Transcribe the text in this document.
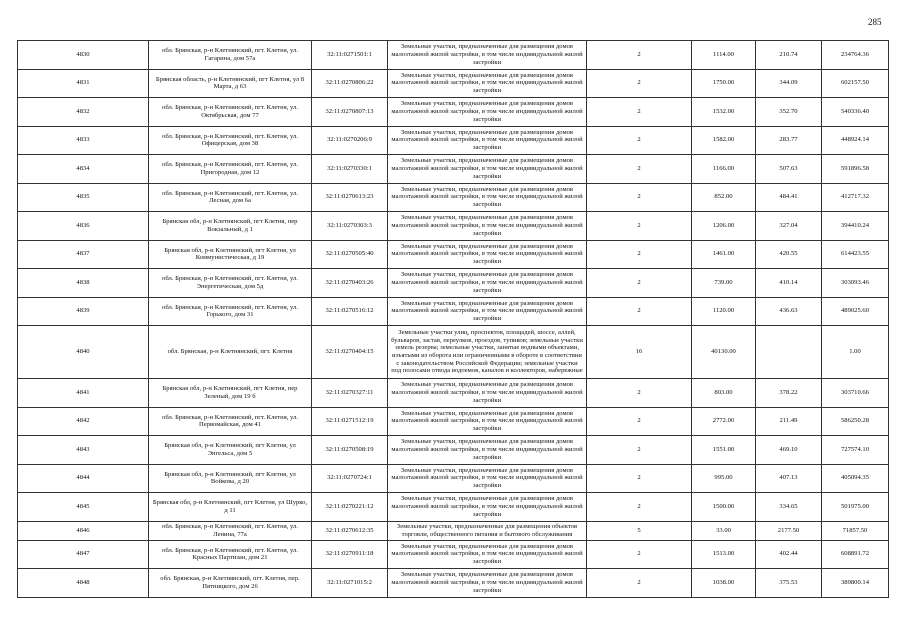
285
4830	обл. Брянская, р-н Клетнянский, пгт. Клетня, ул. Гагарина, дом 57а	32:11:0271501:1	Земельные участки, предназначенные для размещения домов малоэтажной жилой застройки, в том числе индивидуальной жилой застройки	2	1114.00	210.74	234764.36
4831	Брянская область, р-н Клетнянский, пгт Клетня, ул 8 Марта, д 63	32:11:0270806:22	Земельные участки, предназначенные для размещения домов малоэтажной жилой застройки, в том числе индивидуальной жилой застройки	2	1750.00	344.09	602157.50
4832	обл. Брянская, р-н Клетнянский, пгт. Клетня, ул. Октябрьская, дом 77	32:11:0270807:13	Земельные участки, предназначенные для размещения домов малоэтажной жилой застройки, в том числе индивидуальной жилой застройки	2	1532.00	352.70	540336.40
4833	обл. Брянская, р-н Клетнянский, пгт. Клетня, ул. Офицерская, дом 38	32:11:0270206:9	Земельные участки, предназначенные для размещения домов малоэтажной жилой застройки, в том числе индивидуальной жилой застройки	2	1582.00	283.77	448924.14
4834	обл. Брянская, р-н Клетнянский, пгт. Клетня, ул. Пригородная, дом 12	32:11:0270330:1	Земельные участки, предназначенные для размещения домов малоэтажной жилой застройки, в том числе индивидуальной жилой застройки	2	1166.00	507.63	591896.58
4835	обл. Брянская, р-н Клетнянский, пгт. Клетня, ул. Лесная, дом 6а	32:11:0270613:23	Земельные участки, предназначенные для размещения домов малоэтажной жилой застройки, в том числе индивидуальной жилой застройки	2	852.00	484.41	412717.32
4836	Брянская обл, р-н Клетнянский, пгт Клетня, пер Вокзальный, д 1	32:11:0270303:3	Земельные участки, предназначенные для размещения домов малоэтажной жилой застройки, в том числе индивидуальной жилой застройки	2	1206.00	327.04	394410.24
4837	Брянская обл, р-н Клетнянский, пгт Клетня, ул Коммунистическая, д 19	32:11:0270505:40	Земельные участки, предназначенные для размещения домов малоэтажной жилой застройки, в том числе индивидуальной жилой застройки	2	1461.00	420.55	614423.55
4838	обл. Брянская, р-н Клетнянский, пгт. Клетня, ул. Энергетическая, дом 5д	32:11:0270403:26	Земельные участки, предназначенные для размещения домов малоэтажной жилой застройки, в том числе индивидуальной жилой застройки	2	739.00	410.14	303093.46
4839	обл. Брянская, р-н Клетнянский, пгт. Клетня, ул. Горького, дом 31	32:11:0270516:12	Земельные участки, предназначенные для размещения домов малоэтажной жилой застройки, в том числе индивидуальной жилой застройки	2	1120.00	436.63	489025.60
4840	обл. Брянская, р-н Клетнянский, пгт. Клетня	32:11:0270404:15	Земельные участки улиц, проспектов, площадей, шоссе, аллей, бульваров, застав, переулков, проездов, тупиков; земельные участки земель резерва; земельные участки, занятые водными объектами, изъятыми из оборота или ограниченными в обороте в соответствии с законодательством Российской Федерации; земельные участки под полосами отвода водоемов, каналов и коллекторов, набережные	16	40130.00		1.00
4841	Брянская обл, р-н Клетнянский, пгт Клетня, пер Зеленый, дом 19 б	32:11:0270327:11	Земельные участки, предназначенные для размещения домов малоэтажной жилой застройки, в том числе индивидуальной жилой застройки	2	803.00	378.22	303710.66
4842	обл. Брянская, р-н Клетнянский, пгт. Клетня, ул. Первомайская, дом 41	32:11:0271512:19	Земельные участки, предназначенные для размещения домов малоэтажной жилой застройки, в том числе индивидуальной жилой застройки	2	2772.00	211.49	586250.28
4843	Брянская обл, р-н Клетнянский, пгт Клетня, ул Энгельса, дом 5	32:11:0270508:19	Земельные участки, предназначенные для размещения домов малоэтажной жилой застройки, в том числе индивидуальной жилой застройки	2	1551.00	469.10	727574.10
4844	Брянская обл, р-н Клетнянский, пгт Клетня, ул Войкова, д 20	32:11:0270724:1	Земельные участки, предназначенные для размещения домов малоэтажной жилой застройки, в том числе индивидуальной жилой застройки	2	995.00	407.13	405094.35
4845	Брянская обл, р-н Клетнянский, пгт Клетня, ул Шурко, д 11	32:11:0270221:12	Земельные участки, предназначенные для размещения домов малоэтажной жилой застройки, в том числе индивидуальной жилой застройки	2	1500.00	334.65	501975.00
4846	обл. Брянская, р-н Клетнянский, пгт. Клетня, ул. Ленина, 77а	32:11:0270612:35	Земельные участки, предназначенные для размещения объектов торговли, общественного питания и бытового обслуживания	5	33.00	2177.50	71857.50
4847	обл. Брянская, р-н Клетнянский, пгт. Клетня, ул. Красных Партизан, дом 21	32:11:0270911:18	Земельные участки, предназначенные для размещения домов малоэтажной жилой застройки, в том числе индивидуальной жилой застройки	2	1513.00	402.44	608891.72
4848	обл. Брянская, р-н Клетнянский, пгт. Клетня, пер. Пятницкого, дом 26	32:11:0271015:2	Земельные участки, предназначенные для размещения домов малоэтажной жилой застройки, в том числе индивидуальной жилой застройки	2	1038.00	375.53	389800.14
